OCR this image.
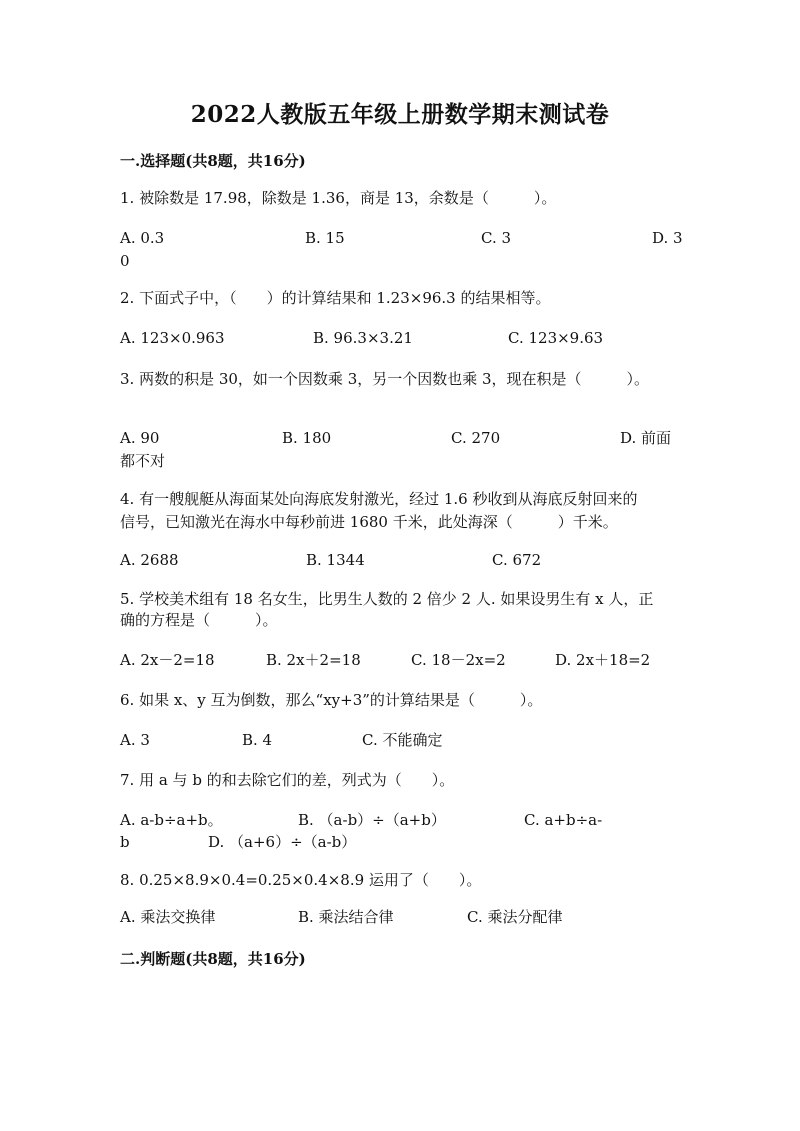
2022人教版五年级上册数学期末测试卷
一.选择题(共8题，共16分)
1. 被除数是 17.98，除数是 1.36，商是 13，余数是（　　　）。
A. 0.3	B. 15	C. 3	D. 3
0
2. 下面式子中，（　　）的计算结果和 1.23×96.3 的结果相等。
A. 123×0.963	B. 96.3×3.21	C. 123×9.63
3. 两数的积是 30，如一个因数乘 3，另一个因数也乘 3，现在积是（　　　）。
A. 90	B. 180	C. 270	D. 前面
都不对
4. 有一艘舰艇从海面某处向海底发射激光，经过 1.6 秒收到从海底反射回来的
信号，已知激光在海水中每秒前进 1680 千米，此处海深（　　　）千米。
A. 2688	B. 1344	C. 672
5. 学校美术组有 18 名女生，比男生人数的 2 倍少 2 人. 如果设男生有 x 人，正
确的方程是（　　　）。
A. 2x－2=18	B. 2x＋2=18	C. 18－2x=2	D. 2x＋18=2
6. 如果 x、y 互为倒数，那么“xy+3”的计算结果是（　　　）。
A. 3	B. 4	C. 不能确定
7. 用 a 与 b 的和去除它们的差，列式为（　　）。
A. a-b÷a+b。	B. （a-b）÷（a+b）	C. a+b÷a-
b	D. （a+6）÷（a-b）
8. 0.25×8.9×0.4=0.25×0.4×8.9 运用了（　　）。
A. 乘法交换律	B. 乘法结合律	C. 乘法分配律
二.判断题(共8题，共16分)
